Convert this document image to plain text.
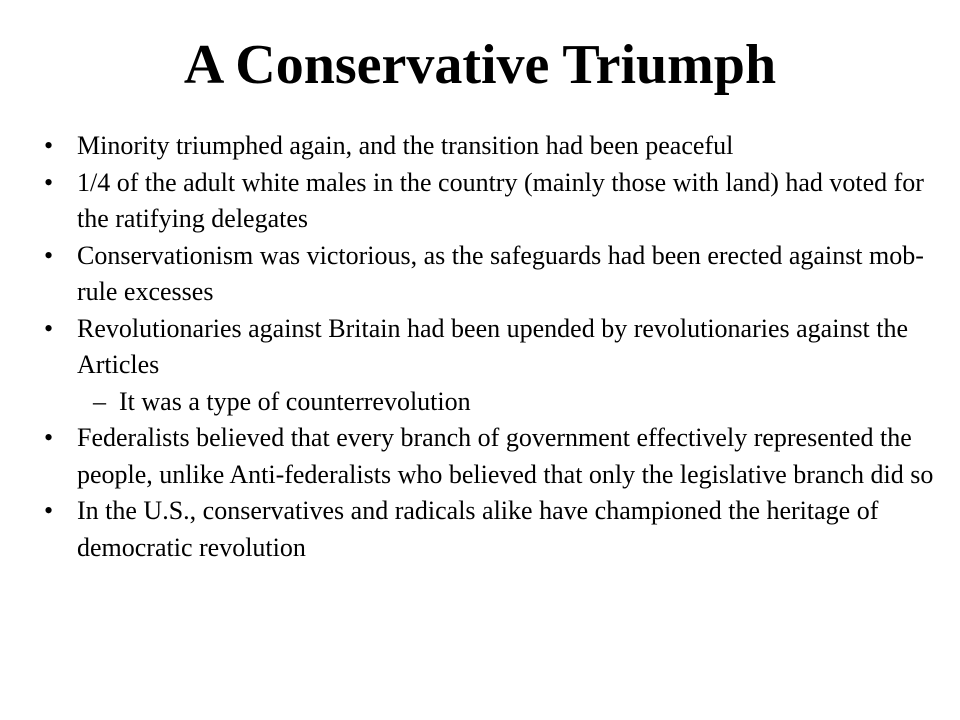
A Conservative Triumph
• Minority triumphed again, and the transition had been peaceful
• 1/4 of the adult white males in the country (mainly those with land) had voted for the ratifying delegates
• Conservationism was victorious, as the safeguards had been erected against mob-rule excesses
• Revolutionaries against Britain had been upended by revolutionaries against the Articles
– It was a type of counterrevolution
• Federalists believed that every branch of government effectively represented the people, unlike Anti-federalists who believed that only the legislative branch did so
• In the U.S., conservatives and radicals alike have championed the heritage of democratic revolution
